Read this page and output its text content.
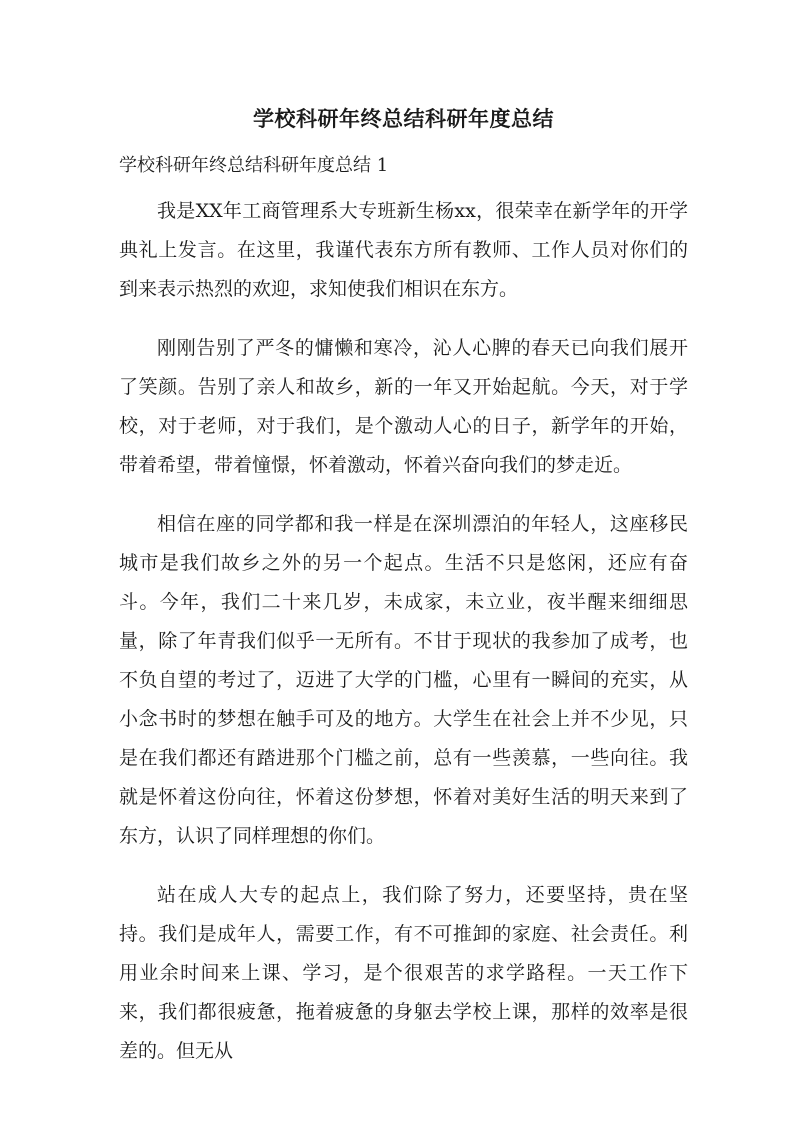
学校科研年终总结科研年度总结
学校科研年终总结科研年度总结 1

我是XX年工商管理系大专班新生杨xx，很荣幸在新学年的开学典礼上发言。在这里，我谨代表东方所有教师、工作人员对你们的到来表示热烈的欢迎，求知使我们相识在东方。

刚刚告别了严冬的慵懒和寒冷，沁人心脾的春天已向我们展开了笑颜。告别了亲人和故乡，新的一年又开始起航。今天，对于学校，对于老师，对于我们，是个激动人心的日子，新学年的开始，带着希望，带着憧憬，怀着激动，怀着兴奋向我们的梦走近。

相信在座的同学都和我一样是在深圳漂泊的年轻人，这座移民城市是我们故乡之外的另一个起点。生活不只是悠闲，还应有奋斗。今年，我们二十来几岁，未成家，未立业，夜半醒来细细思量，除了年青我们似乎一无所有。不甘于现状的我参加了成考，也不负自望的考过了，迈进了大学的门槛，心里有一瞬间的充实，从小念书时的梦想在触手可及的地方。大学生在社会上并不少见，只是在我们都还有踏进那个门槛之前，总有一些羡慕，一些向往。我就是怀着这份向往，怀着这份梦想，怀着对美好生活的明天来到了东方，认识了同样理想的你们。

站在成人大专的起点上，我们除了努力，还要坚持，贵在坚持。我们是成年人，需要工作，有不可推卸的家庭、社会责任。利用业余时间来上课、学习，是个很艰苦的求学路程。一天工作下来，我们都很疲惫，拖着疲惫的身躯去学校上课，那样的效率是很差的。但无从
